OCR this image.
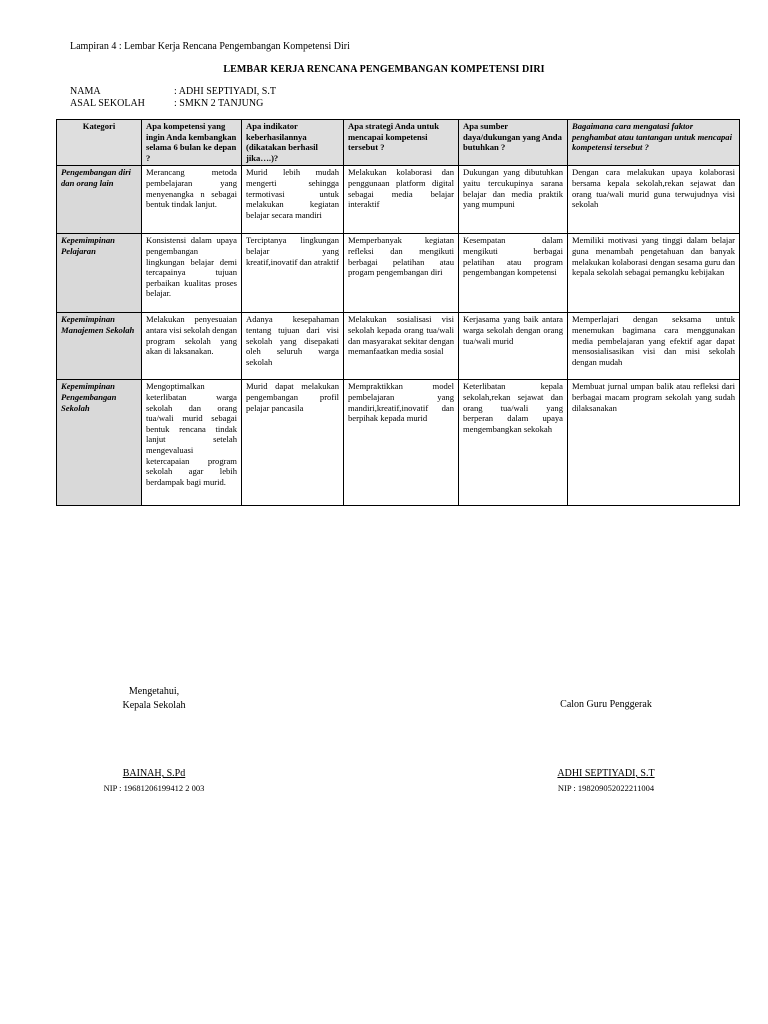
Lampiran 4 : Lembar Kerja Rencana Pengembangan Kompetensi Diri
LEMBAR KERJA RENCANA PENGEMBANGAN KOMPETENSI DIRI
NAMA	: ADHI SEPTIYADI, S.T
ASAL SEKOLAH	: SMKN 2 TANJUNG
Kategori	Apa kompetensi yang ingin Anda kembangkan selama 6 bulan ke depan ?	Apa indikator keberhasilannya (dikatakan berhasil jika….)?	Apa strategi Anda untuk mencapai kompetensi tersebut ?	Apa sumber daya/dukungan yang Anda butuhkan ?	Bagaimana cara mengatasi faktor penghambat atau tantangan untuk mencapai kompetensi tersebut ?
Pengembangan diri dan orang lain	Merancang metoda pembelajaran yang menyenangka n sebagai bentuk tindak lanjut.	Murid lebih mudah mengerti sehingga termotivasi untuk melakukan kegiatan belajar secara mandiri	Melakukan kolaborasi dan penggunaan platform digital sebagai media belajar interaktif	Dukungan yang dibutuhkan yaitu tercukupinya sarana belajar dan media praktik yang mumpuni	Dengan cara melakukan upaya kolaborasi bersama kepala sekolah,rekan sejawat dan orang tua/wali murid guna terwujudnya visi sekolah
Kepemimpinan Pelajaran	Konsistensi dalam upaya pengembangan lingkungan belajar demi tercapainya tujuan perbaikan kualitas proses belajar.	Terciptanya lingkungan belajar yang kreatif,inovatif dan atraktif	Memperbanyak kegiatan refleksi dan mengikuti berbagai pelatihan atau progam pengembangan diri	Kesempatan dalam mengikuti berbagai pelatihan atau program pengembangan kompetensi	Memiliki motivasi yang tinggi dalam belajar guna menambah pengetahuan dan banyak melakukan kolaborasi dengan sesama guru dan kepala sekolah sebagai pemangku kebijakan
Kepemimpinan Manajemen Sekolah	Melakukan penyesuaian antara visi sekolah dengan program sekolah yang akan di laksanakan.	Adanya kesepahaman tentang tujuan dari visi sekolah yang disepakati oleh seluruh warga sekolah	Melakukan sosialisasi visi sekolah kepada orang tua/wali dan masyarakat sekitar dengan memanfaatkan media sosial	Kerjasama yang baik antara warga sekolah dengan orang tua/wali murid	Memperlajari dengan seksama untuk menemukan bagimana cara menggunakan media pembelajaran yang efektif agar dapat mensosialisasikan visi dan misi sekolah dengan mudah
Kepemimpinan Pengembangan Sekolah	Mengoptimalkan keterlibatan warga sekolah dan orang tua/wali murid sebagai bentuk rencana tindak lanjut setelah mengevaluasi ketercapaian program sekolah agar lebih berdampak bagi murid.	Murid dapat melakukan pengembangan profil pelajar pancasila	Mempraktikkan model pembelajaran yang mandiri,kreatif,inovatif dan berpihak kepada murid	Keterlibatan kepala sekolah,rekan sejawat dan orang tua/wali yang berperan dalam upaya mengembangkan sekokah	Membuat jurnal umpan balik atau refleksi dari berbagai macam program sekolah yang sudah dilaksanakan
Mengetahui,
Kepala Sekolah	Calon Guru Penggerak
BAINAH, S.Pd
NIP : 19681206199412 2 003
ADHI SEPTIYADI, S.T
NIP : 198209052022211004
